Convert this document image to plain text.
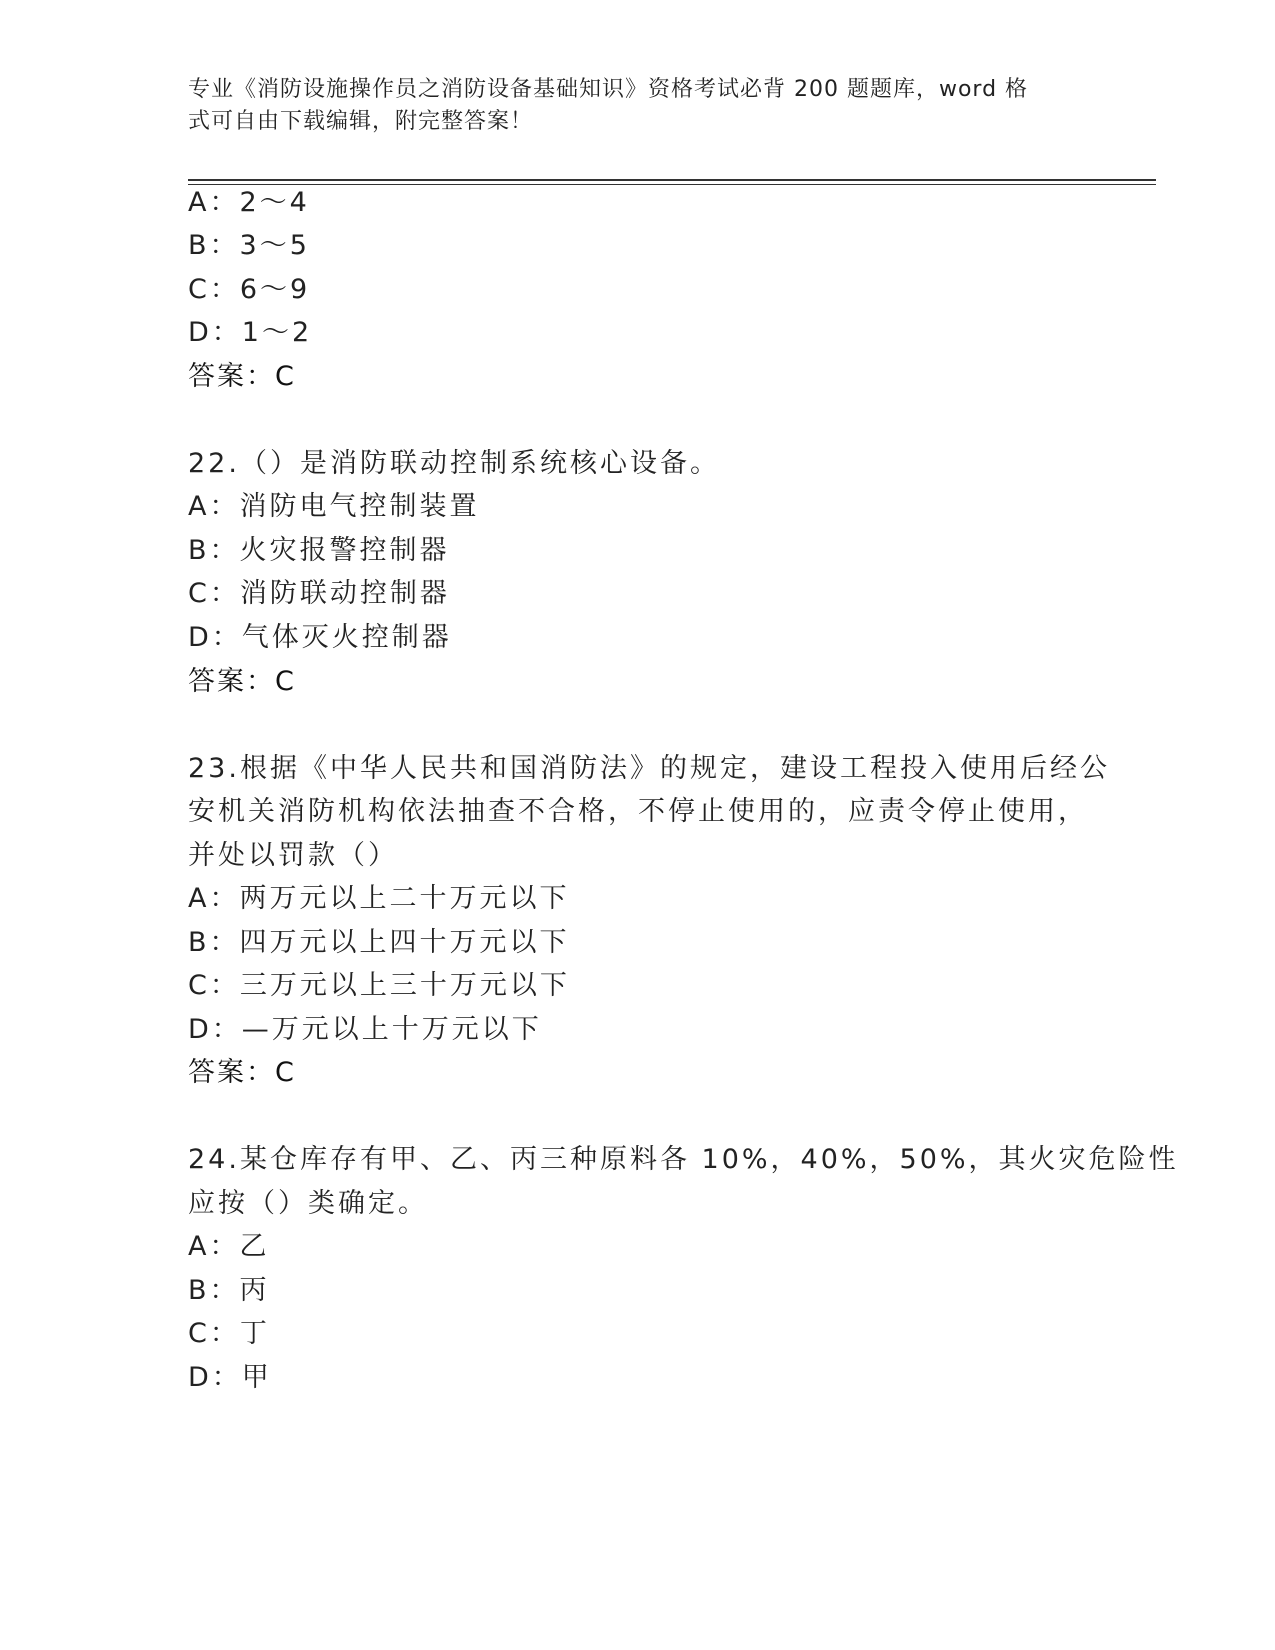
专业《消防设施操作员之消防设备基础知识》资格考试必背 200 题题库，word 格
式可自由下载编辑，附完整答案！

A：2～4

B：3～5

C：6～9

D：1～2

答案：C

22.（）是消防联动控制系统核心设备。

A：消防电气控制装置

B：火灾报警控制器

C：消防联动控制器

D：气体灭火控制器

答案：C

23.根据《中华人民共和国消防法》的规定，建设工程投入使用后经公

安机关消防机构依法抽查不合格，不停止使用的，应责令停止使用，

并处以罚款（）

A：两万元以上二十万元以下

B：四万元以上四十万元以下

C：三万元以上三十万元以下

D：—万元以上十万元以下

答案：C

24.某仓库存有甲、乙、丙三种原料各 10%，40%，50%，其火灾危险性

应按（）类确定。

A：乙

B：丙

C：丁

D：甲
